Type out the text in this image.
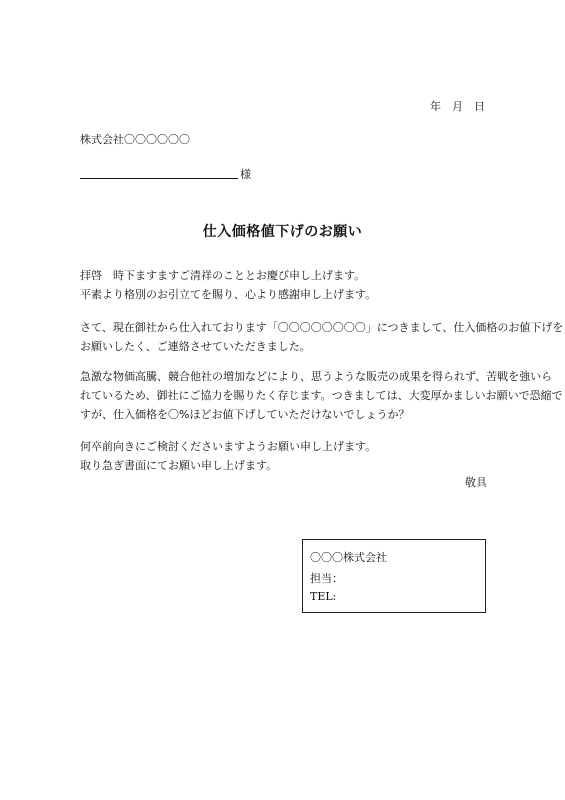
年　月　日
株式会社〇〇〇〇〇〇
様
仕入価格値下げのお願い
拝啓　時下ますますご清祥のこととお慶び申し上げます。
平素より格別のお引立てを賜り、心より感謝申し上げます。
さて、現在御社から仕入れております「〇〇〇〇〇〇〇〇」につきまして、仕入価格のお値下げを
お願いしたく、ご連絡させていただきました。
急激な物価高騰、競合他社の増加などにより、思うような販売の成果を得られず、苦戦を強いら
れているため、御社にご協力を賜りたく存じます。つきましては、大変厚かましいお願いで恐縮で
すが、仕入価格を〇%ほどお値下げしていただけないでしょうか？
何卒前向きにご検討くださいますようお願い申し上げます。
取り急ぎ書面にてお願い申し上げます。
敬具
〇〇〇株式会社
担当：
TEL:
